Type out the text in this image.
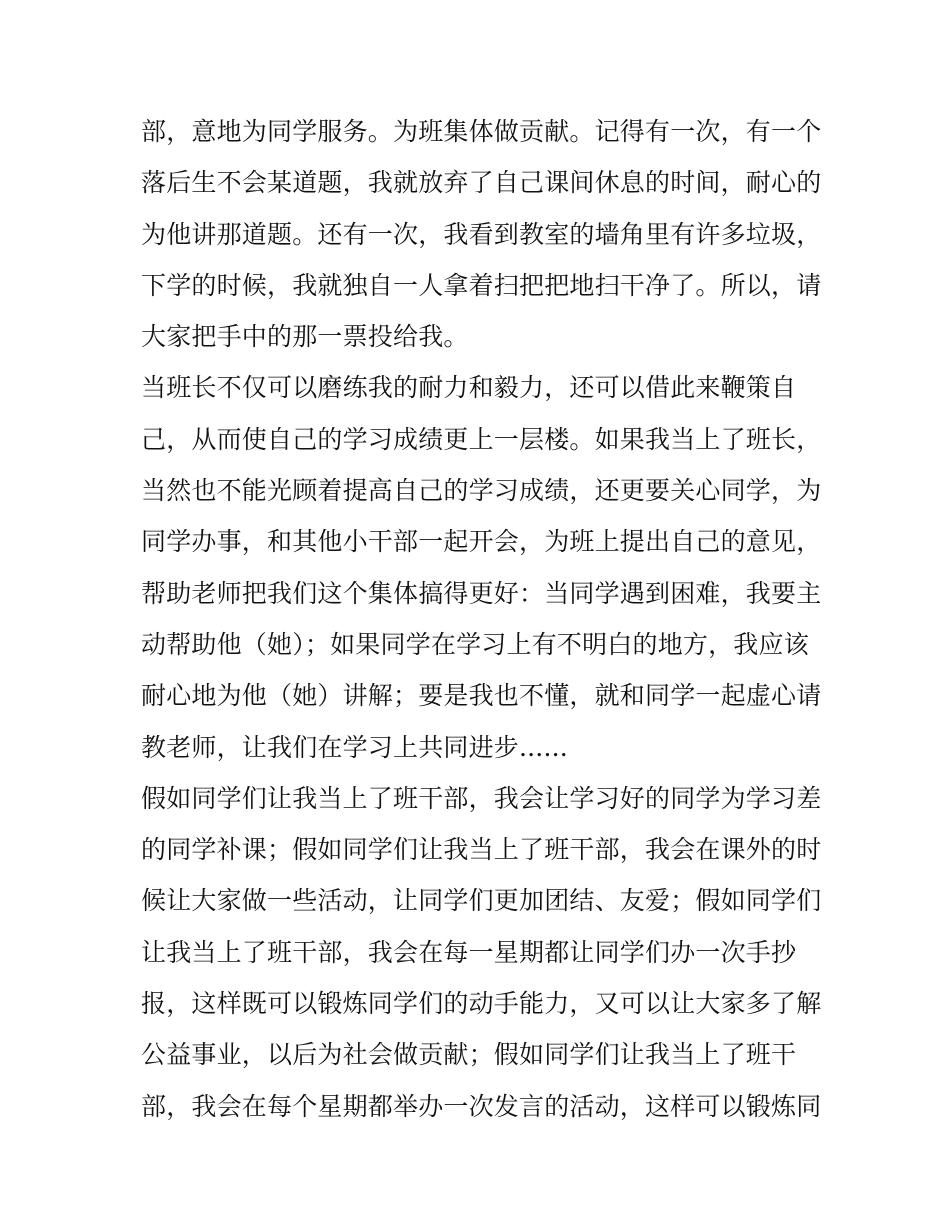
部，意地为同学服务。为班集体做贡献。记得有一次，有一个
落后生不会某道题，我就放弃了自己课间休息的时间，耐心的
为他讲那道题。还有一次，我看到教室的墙角里有许多垃圾，
下学的时候，我就独自一人拿着扫把把地扫干净了。所以，请
大家把手中的那一票投给我。
当班长不仅可以磨练我的耐力和毅力，还可以借此来鞭策自
己，从而使自己的学习成绩更上一层楼。如果我当上了班长，
当然也不能光顾着提高自己的学习成绩，还更要关心同学，为
同学办事，和其他小干部一起开会，为班上提出自己的意见，
帮助老师把我们这个集体搞得更好：当同学遇到困难，我要主
动帮助他（她）；如果同学在学习上有不明白的地方，我应该
耐心地为他（她）讲解；要是我也不懂，就和同学一起虚心请
教老师，让我们在学习上共同进步......
假如同学们让我当上了班干部，我会让学习好的同学为学习差
的同学补课；假如同学们让我当上了班干部，我会在课外的时
候让大家做一些活动，让同学们更加团结、友爱；假如同学们
让我当上了班干部，我会在每一星期都让同学们办一次手抄
报，这样既可以锻炼同学们的动手能力，又可以让大家多了解
公益事业，以后为社会做贡献；假如同学们让我当上了班干
部，我会在每个星期都举办一次发言的活动，这样可以锻炼同
